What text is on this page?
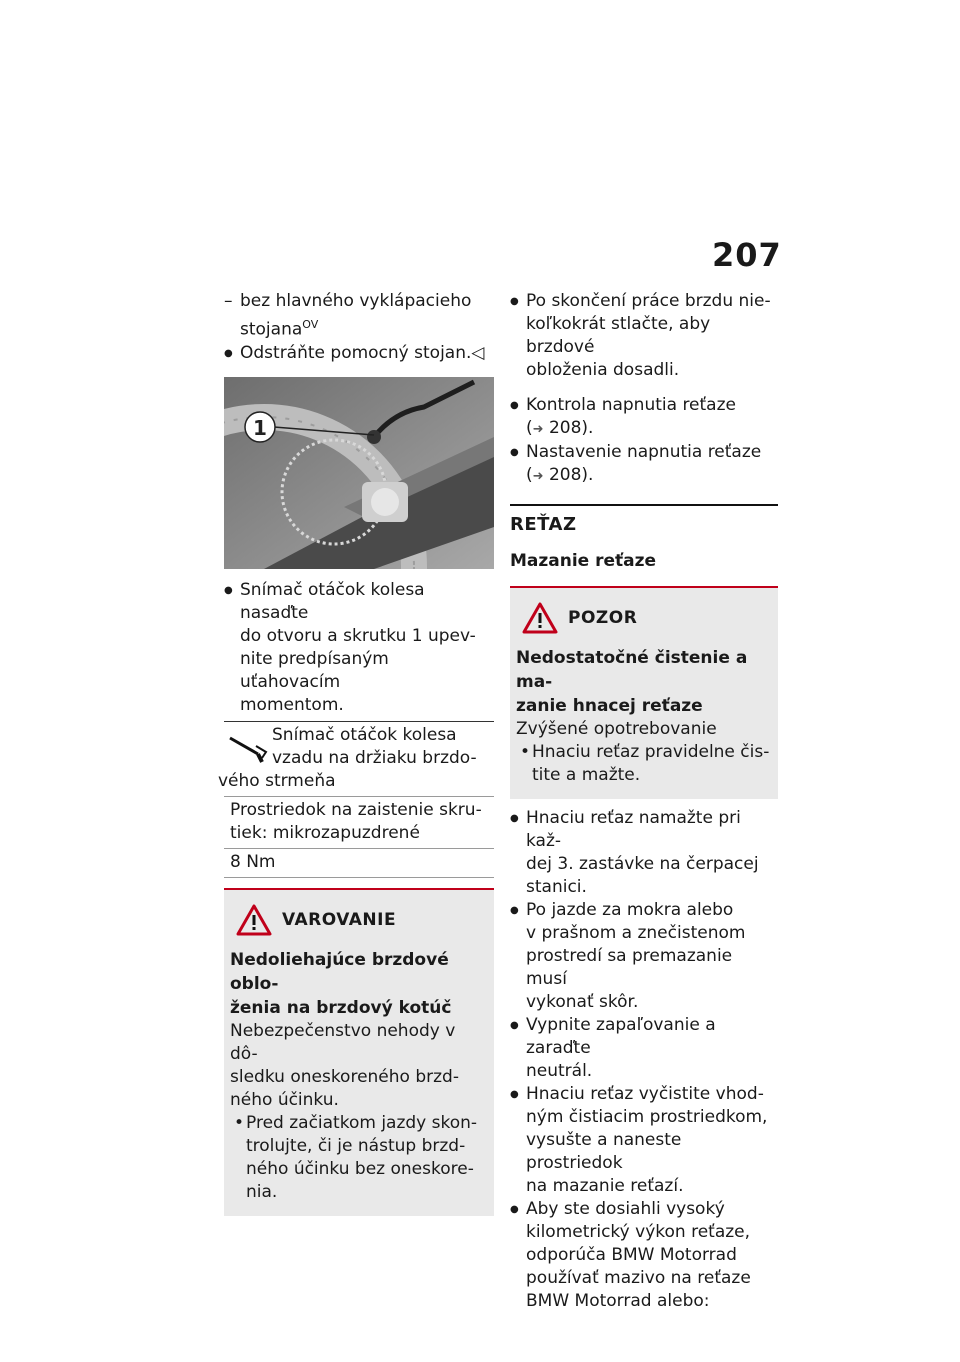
207

– bez hlavného vyklápacieho

stojana$^{OV}$

● Odstráňte pomocný stojan.◁

1

● Snímač otáčok kolesa nasaďte
do otvoru a skrutku 1 upev-
nite predpísaným uťahovacím
momentom.

Snímač otáčok kolesa
vzadu na držiaku brzdo-
vého strmeňa
Prostriedok na zaistenie skru-
tiek: mikrozapuzdrené
8 Nm
VAROVANIE
Nedoliehajúce brzdové oblo-
ženia na brzdový kotúč
Nebezpečenstvo nehody v dô-
sledku oneskoreného brzd-
ného účinku.
• Pred začiatkom jazdy skon-
trolujte, či je nástup brzd-
ného účinku bez oneskore-
nia.

● Po skončení práce brzdu nie-
koľkokrát stlačte, aby brzdové
obloženia dosadli.

● Kontrola napnutia reťaze
(➜ 208).

● Nastavenie napnutia reťaze
(➜ 208).

REŤAZ
Mazanie reťaze
POZOR
Nedostatočné čistenie a ma-
zanie hnacej reťaze
Zvýšené opotrebovanie
• Hnaciu reťaz pravidelne čis-
tite a mažte.

● Hnaciu reťaz namažte pri kaž-
dej 3. zastávke na čerpacej
stanici.

● Po jazde za mokra alebo
v prašnom a znečistenom
prostredí sa premazanie musí
vykonať skôr.

● Vypnite zapaľovanie a zaraďte
neutrál.

● Hnaciu reťaz vyčistite vhod-
ným čistiacim prostriedkom,
vysušte a naneste prostriedok
na mazanie reťazí.

● Aby ste dosiahli vysoký
kilometrický výkon reťaze,
odporúča BMW Motorrad
používať mazivo na reťaze
BMW Motorrad alebo:
